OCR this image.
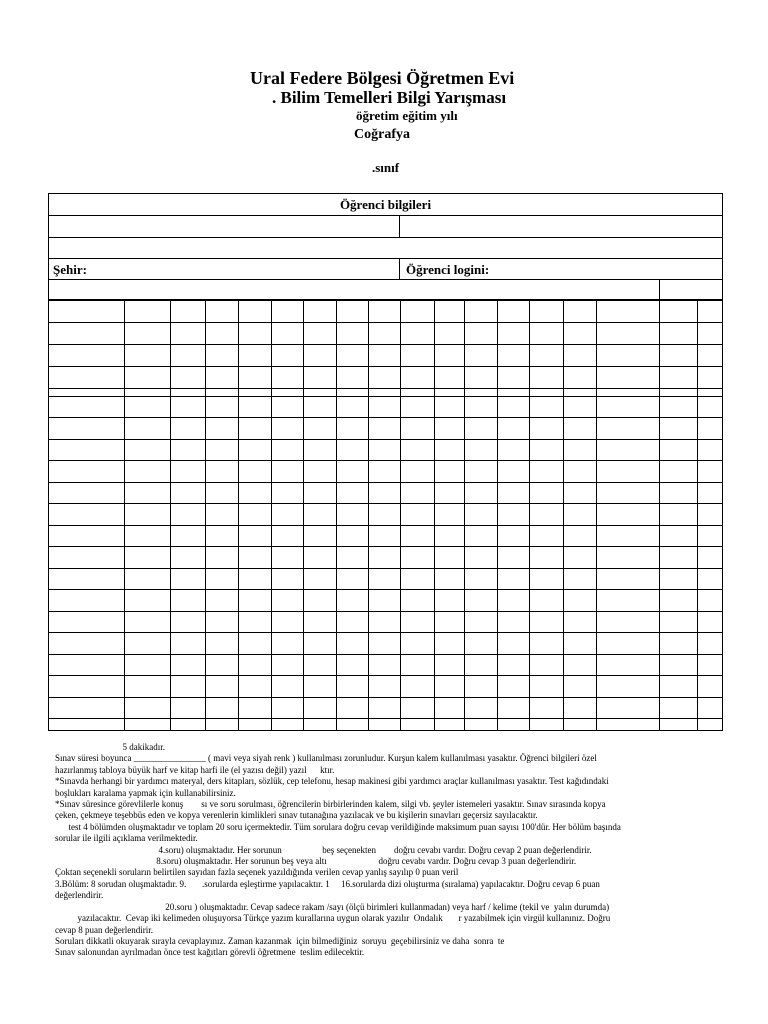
Ural Federe Bölgesi Öğretmen Evi
. Bilim Temelleri Bilgi Yarışması
öğretim eğitim yılı
Coğrafya
.sınıf
Öğrenci bilgileri
Şehir:	Öğrenci logini:
5 dakikadır.
Sınav süresi boyunca ________________ ( mavi veya siyah renk ) kullanılması zorunludur. Kurşun kalem kullanılması yasaktır. Öğrenci bilgileri özel
hazırlanmış tabloya büyük harf ve kitap harfi ile (el yazısı değil) yazıl      ktır.
*Sınavda herhangi bir yardımcı materyal, ders kitapları, sözlük, cep telefonu, hesap makinesi gibi yardımcı araçlar kullanılması yasaktır. Test kağıdındaki
boşlukları karalama yapmak için kullanabilirsiniz.
*Sınav süresince görevlilerle konuş        sı ve soru sorulması, öğrencilerin birbirlerinden kalem, silgi vb. şeyler istemeleri yasaktır. Sınav sırasında kopya
çeken, çekmeye teşebbüs eden ve kopya verenlerin kimlikleri sınav tutanağına yazılacak ve bu kişilerin sınavları geçersiz sayılacaktır.
test 4 bölümden oluşmaktadır ve toplam 20 soru içermektedir. Tüm sorulara doğru cevap verildiğinde maksimum puan sayısı 100'dür. Her bölüm başında
sorular ile ilgili açıklama verilmektedir.
4.soru) oluşmaktadır. Her sorunun                  beş seçenekten        doğru cevabı vardır. Doğru cevap 2 puan değerlendirir.
8.soru) oluşmaktadır. Her sorunun beş veya altı                       doğru cevabı vardır. Doğru cevap 3 puan değerlendirir.
Çoktan seçenekli soruların belirtilen sayıdan fazla seçenek yazıldığında verilen cevap yanlış sayılıp 0 puan veril
3.Bölüm: 8 sorudan oluşmaktadır. 9.       .sorularda eşleştirme yapılacaktır. 1     16.sorularda dizi oluşturma (sıralama) yapılacaktır. Doğru cevap 6 puan
değerlendirir.
20.soru ) oluşmaktadır. Cevap sadece rakam /sayı (ölçü birimleri kullanmadan) veya harf / kelime (tekil ve  yalın durumda)
yazılacaktır.  Cevap iki kelimeden oluşuyorsa Türkçe yazım kurallarına uygun olarak yazılır  Ondalık       r yazabilmek için virgül kullanınız. Doğru
cevap 8 puan değerlendirir.
Soruları dikkatli okuyarak sırayla cevaplayınız. Zaman kazanmak  için bilmediğiniz  soruyu  geçebilirsiniz ve daha  sonra  te
Sınav salonundan ayrılmadan önce test kağıtları görevli öğretmene  teslim edilecektir.
